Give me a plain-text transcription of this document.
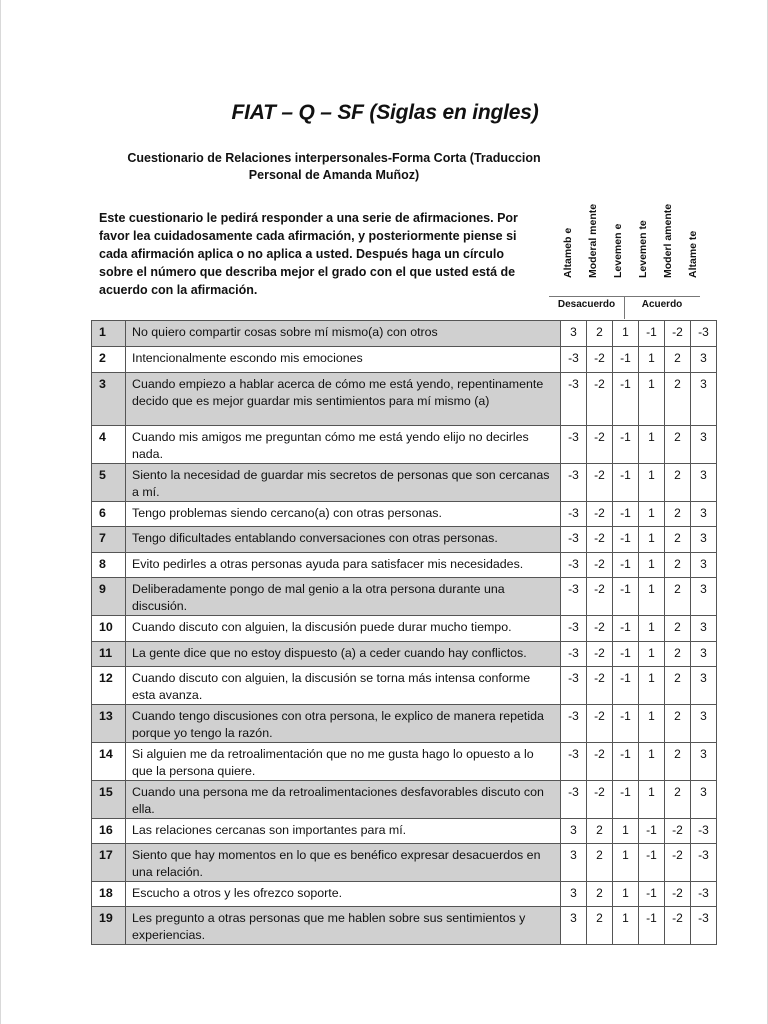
FIAT – Q – SF (Siglas en ingles)
Cuestionario de Relaciones interpersonales-Forma Corta (Traduccion Personal de Amanda Muñoz)
Este cuestionario le pedirá responder a una serie de afirmaciones. Por favor lea cuidadosamente cada afirmación, y posteriormente piense si cada afirmación aplica o no aplica a usted. Después haga un círculo sobre el número que describa mejor el grado con el que usted está de acuerdo con la afirmación.
Altameb e Moderal mente Levemen e Levemen te Moderl amente Altame te
Desacuerdo	Acuerdo
1	No quiero compartir cosas sobre mí mismo(a) con otros	3	2	1	-1	-2	-3
2	Intencionalmente escondo mis emociones	-3	-2	-1	1	2	3
3	Cuando empiezo a hablar acerca de cómo me está yendo, repentinamente decido que es mejor guardar mis sentimientos para mí mismo (a)	-3	-2	-1	1	2	3
4	Cuando mis amigos me preguntan cómo me está yendo elijo no decirles nada.	-3	-2	-1	1	2	3
5	Siento la necesidad de guardar mis secretos de personas que son cercanas a mí.	-3	-2	-1	1	2	3
6	Tengo problemas siendo cercano(a) con otras personas.	-3	-2	-1	1	2	3
7	Tengo dificultades entablando conversaciones con otras personas.	-3	-2	-1	1	2	3
8	Evito pedirles a otras personas ayuda para satisfacer mis necesidades.	-3	-2	-1	1	2	3
9	Deliberadamente pongo de mal genio a la otra persona durante una discusión.	-3	-2	-1	1	2	3
10	Cuando discuto con alguien, la discusión puede durar mucho tiempo.	-3	-2	-1	1	2	3
11	La gente dice que no estoy dispuesto (a) a ceder cuando hay conflictos.	-3	-2	-1	1	2	3
12	Cuando discuto con alguien, la discusión se torna más intensa conforme esta avanza.	-3	-2	-1	1	2	3
13	Cuando tengo discusiones con otra persona, le explico de manera repetida porque yo tengo la razón.	-3	-2	-1	1	2	3
14	Si alguien me da retroalimentación que no me gusta hago lo opuesto a lo que la persona quiere.	-3	-2	-1	1	2	3
15	Cuando una persona me da retroalimentaciones desfavorables discuto con ella.	-3	-2	-1	1	2	3
16	Las relaciones cercanas son importantes para mí.	3	2	1	-1	-2	-3
17	Siento que hay momentos en lo que es benéfico expresar desacuerdos en una relación.	3	2	1	-1	-2	-3
18	Escucho a otros y les ofrezco soporte.	3	2	1	-1	-2	-3
19	Les pregunto a otras personas que me hablen sobre sus sentimientos y experiencias.	3	2	1	-1	-2	-3
